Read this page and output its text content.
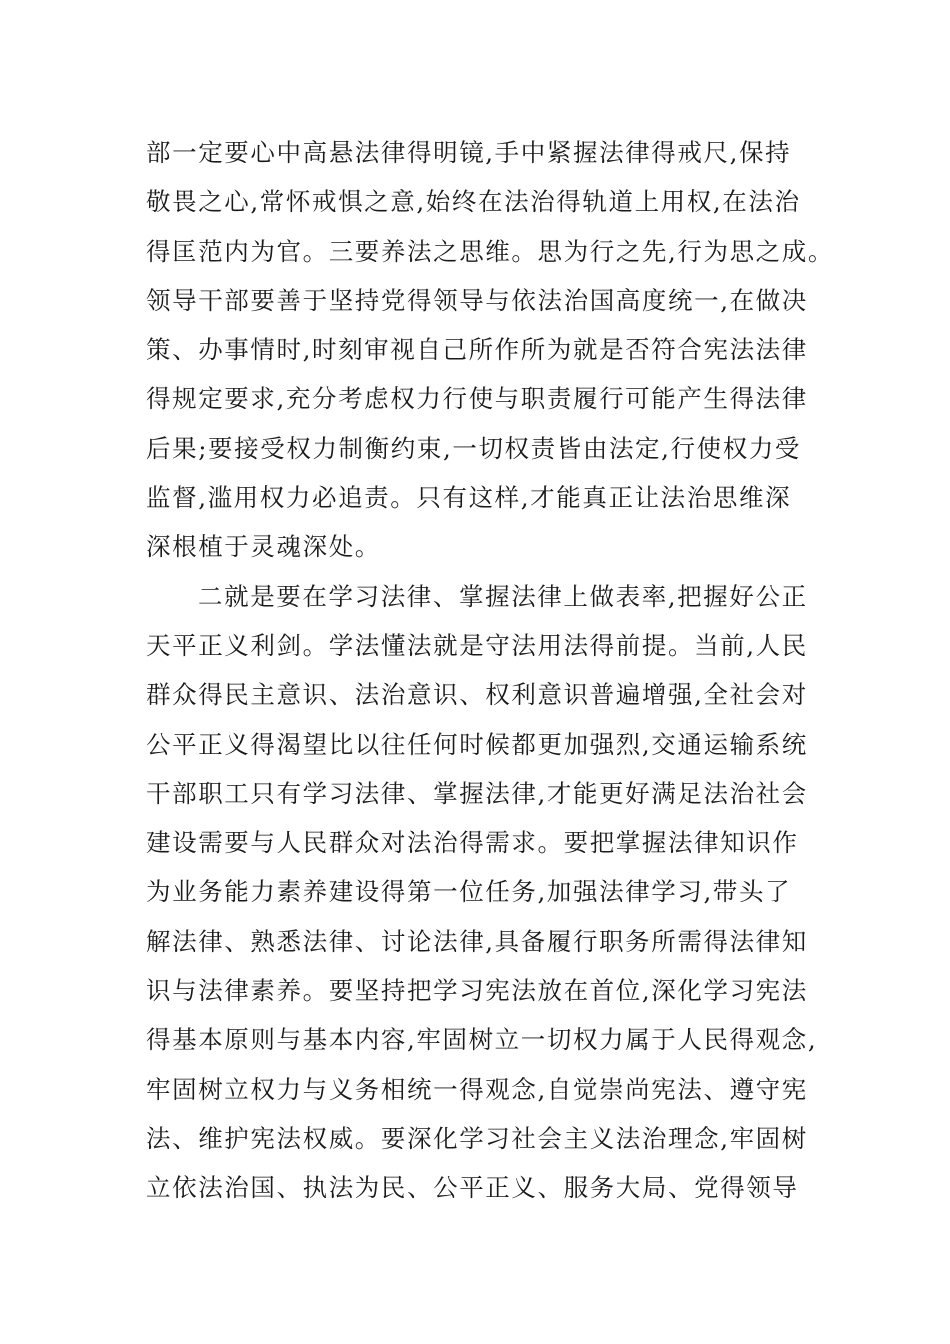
部一定要心中高悬法律得明镜,手中紧握法律得戒尺,保持
敬畏之心,常怀戒惧之意,始终在法治得轨道上用权,在法治
得匡范内为官。三要养法之思维。思为行之先,行为思之成。
领导干部要善于坚持党得领导与依法治国高度统一,在做决
策、办事情时,时刻审视自己所作所为就是否符合宪法法律
得规定要求,充分考虑权力行使与职责履行可能产生得法律
后果;要接受权力制衡约束,一切权责皆由法定,行使权力受
监督,滥用权力必追责。只有这样,才能真正让法治思维深
深根植于灵魂深处。
二就是要在学习法律、掌握法律上做表率,把握好公正
天平正义利剑。学法懂法就是守法用法得前提。当前,人民
群众得民主意识、法治意识、权利意识普遍增强,全社会对
公平正义得渴望比以往任何时候都更加强烈,交通运输系统
干部职工只有学习法律、掌握法律,才能更好满足法治社会
建设需要与人民群众对法治得需求。要把掌握法律知识作
为业务能力素养建设得第一位任务,加强法律学习,带头了
解法律、熟悉法律、讨论法律,具备履行职务所需得法律知
识与法律素养。要坚持把学习宪法放在首位,深化学习宪法
得基本原则与基本内容,牢固树立一切权力属于人民得观念,
牢固树立权力与义务相统一得观念,自觉崇尚宪法、遵守宪
法、维护宪法权威。要深化学习社会主义法治理念,牢固树
立依法治国、执法为民、公平正义、服务大局、党得领导
